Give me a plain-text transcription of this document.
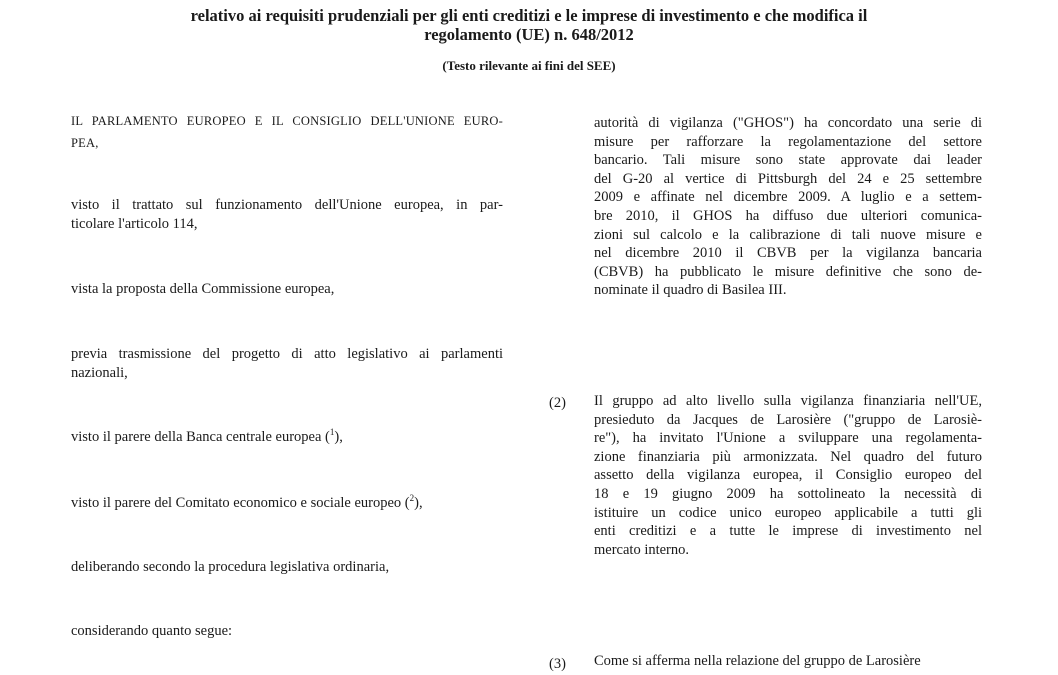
relativo ai requisiti prudenziali per gli enti creditizi e le imprese di investimento e che modifica il
regolamento (UE) n. 648/2012
(Testo rilevante ai fini del SEE)
IL PARLAMENTO EUROPEO E IL CONSIGLIO DELL'UNIONE EURO-
PEA,
visto il trattato sul funzionamento dell'Unione europea, in par-
ticolare l'articolo 114,
vista la proposta della Commissione europea,
previa trasmissione del progetto di atto legislativo ai parlamenti
nazionali,
visto il parere della Banca centrale europea ($^1$),
visto il parere del Comitato economico e sociale europeo ($^2$),
deliberando secondo la procedura legislativa ordinaria,
considerando quanto segue:
autorità di vigilanza ("GHOS") ha concordato una serie di
misure per rafforzare la regolamentazione del settore
bancario. Tali misure sono state approvate dai leader
del G-20 al vertice di Pittsburgh del 24 e 25 settembre
2009 e affinate nel dicembre 2009. A luglio e a settem-
bre 2010, il GHOS ha diffuso due ulteriori comunica-
zioni sul calcolo e la calibrazione di tali nuove misure e
nel dicembre 2010 il CBVB per la vigilanza bancaria
(CBVB) ha pubblicato le misure definitive che sono de-
nominate il quadro di Basilea III.
(2)	Il gruppo ad alto livello sulla vigilanza finanziaria nell'UE,
presieduto da Jacques de Larosière ("gruppo de Larosiè-
re"), ha invitato l'Unione a sviluppare una regolamenta-
zione finanziaria più armonizzata. Nel quadro del futuro
assetto della vigilanza europea, il Consiglio europeo del
18 e 19 giugno 2009 ha sottolineato la necessità di
istituire un codice unico europeo applicabile a tutti gli
enti creditizi e a tutte le imprese di investimento nel
mercato interno.
(3)	Come si afferma nella relazione del gruppo de Larosière
